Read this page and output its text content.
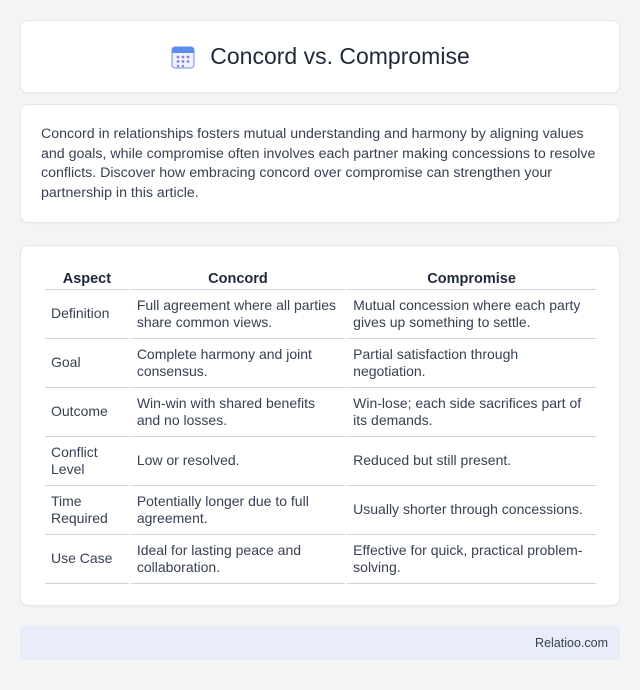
Concord vs. Compromise

Concord in relationships fosters mutual understanding and harmony by aligning values and goals, while compromise often involves each partner making concessions to resolve conflicts. Discover how embracing concord over compromise can strengthen your partnership in this article.

Aspect	Concord	Compromise
Definition	Full agreement where all parties share common views.	Mutual concession where each party gives up something to settle.
Goal	Complete harmony and joint consensus.	Partial satisfaction through negotiation.
Outcome	Win-win with shared benefits and no losses.	Win-lose; each side sacrifices part of its demands.
Conflict Level	Low or resolved.	Reduced but still present.
Time Required	Potentially longer due to full agreement.	Usually shorter through concessions.
Use Case	Ideal for lasting peace and collaboration.	Effective for quick, practical problem-solving.
Relatioo.com
